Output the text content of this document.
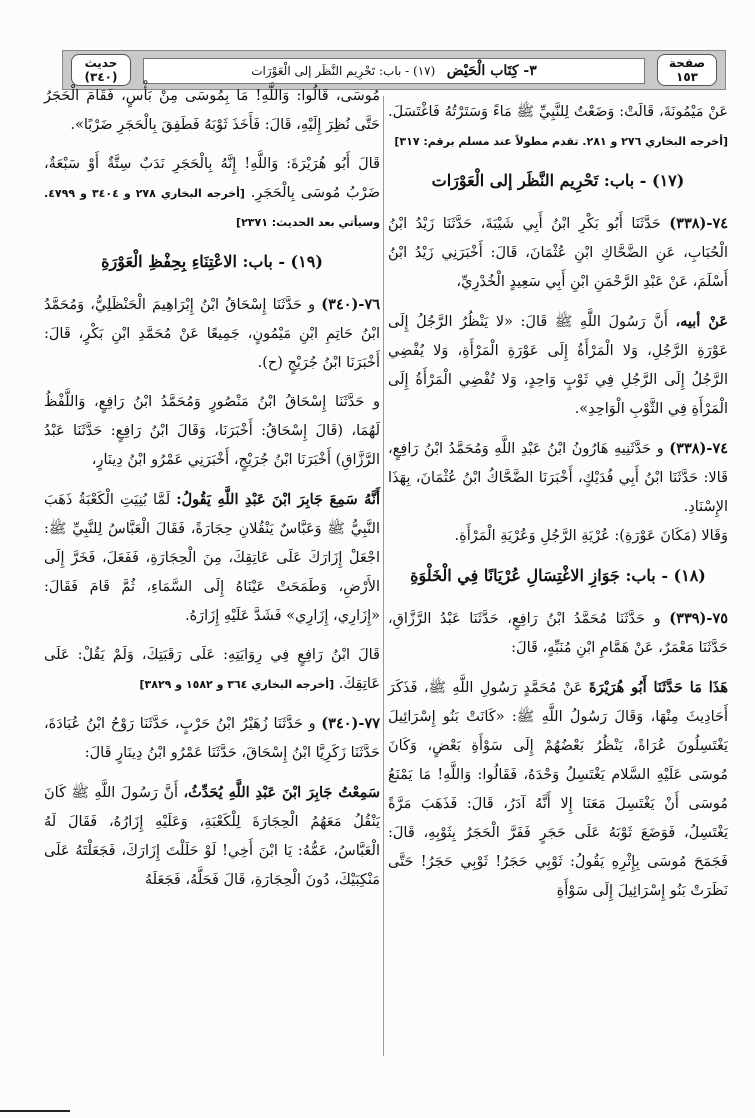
حديث
(٣٤٠)	٣- كِتَاب الْحَيْض   (١٧) - باب: تَحْرِيم النَّظَر إلى الْعَوْرَات
صفحة
١٥٣

عَنْ مَيْمُونَةَ، قَالَتْ: وَضَعْتُ لِلنَّبِيِّ ﷺ مَاءً وَسَتَرْتُهُ فَاغْتَسَلَ. [أخرجه البخاري ٢٧٦ و ٢٨١. تقدم مطولاً عند مسلم برقم: ٣١٧]

(١٧) - باب: تَحْرِيم النَّظَر إلى الْعَوْرَات

٧٤-(٣٣٨) حَدَّثَنَا أَبُو بَكْرِ ابْنُ أَبِي شَيْبَةَ، حَدَّثَنَا زَيْدُ ابْنُ الْحُبَابِ، عَنِ الضَّحَّاكِ ابْنِ عُثْمَانَ، قَالَ: أَخْبَرَنِي زَيْدُ ابْنُ أَسْلَمَ، عَنْ عَبْدِ الرَّحْمَنِ ابْنِ أَبِي سَعِيدٍ الْخُدْرِيِّ،

عَنْ أبيه، أَنَّ رَسُولَ اللَّهِ ﷺ قَالَ: «لا يَنْظُرُ الرَّجُلُ إِلَى عَوْرَةِ الرَّجُلِ، وَلا الْمَرْأَةُ إِلَى عَوْرَةِ الْمَرْأَةِ، وَلا يُفْضِي الرَّجُلُ إِلَى الرَّجُلِ فِي ثَوْبٍ وَاحِدٍ، وَلا تُفْضِي الْمَرْأَةُ إِلَى الْمَرْأَةِ فِي الثَّوْبِ الْوَاحِدِ».

٧٤-(٣٣٨) و حَدَّثَنِيهِ هَارُونُ ابْنُ عَبْدِ اللَّهِ وَمُحَمَّدُ ابْنُ رَافِعٍ، قَالا: حَدَّثَنَا ابْنُ أَبِي فُدَيْكٍ، أَخْبَرَنَا الضَّحَّاكُ ابْنُ عُثْمَانَ، بِهَذَا الإِسْنَادِ.

وَقَالا (مَكَانَ عَوْرَةِ): عُرْيَةِ الرَّجُلِ وَعُرْيَةِ الْمَرْأَةِ.

(١٨) - باب: جَوَازِ الاغْتِسَالِ عُرْيَانًا فِي الْخَلْوَةِ

٧٥-(٣٣٩) و حَدَّثَنَا مُحَمَّدُ ابْنُ رَافِعٍ، حَدَّثَنَا عَبْدُ الرَّزَّاقِ، حَدَّثَنَا مَعْمَرٌ، عَنْ هَمَّامِ ابْنِ مُنَبِّهٍ، قَالَ:

هَذَا مَا حَدَّثَنَا أَبُو هُرَيْرَةَ عَنْ مُحَمَّدٍ رَسُولِ اللَّهِ ﷺ، فَذَكَرَ أَحَادِيثَ مِنْهَا، وَقَالَ رَسُولُ اللَّهِ ﷺ: «كَانَتْ بَنُو إِسْرَائِيلَ يَغْتَسِلُونَ عُرَاةً، يَنْظُرُ بَعْضُهُمْ إِلَى سَوْأَةِ بَعْضٍ، وَكَانَ مُوسَى عَلَيْهِ السَّلام يَغْتَسِلُ وَحْدَهُ، فَقَالُوا: وَاللَّهِ! مَا يَمْنَعُ مُوسَى أَنْ يَغْتَسِلَ مَعَنَا إِلا أَنَّهُ آدَرُ، قَالَ: فَذَهَبَ مَرَّةً يَغْتَسِلُ، فَوَضَعَ ثَوْبَهُ عَلَى حَجَرٍ فَفَرَّ الْحَجَرُ بِثَوْبِهِ، قَالَ: فَجَمَحَ مُوسَى بِإِثْرِهِ يَقُولُ: ثَوْبِي حَجَرُ! ثَوْبِي حَجَرُ! حَتَّى نَظَرَتْ بَنُو إِسْرَائِيلَ إِلَى سَوْأَةِ

مُوسَى، قَالُوا: وَاللَّهِ! مَا بِمُوسَى مِنْ بَأْسٍ، فَقَامَ الْحَجَرُ حَتَّى نُظِرَ إِلَيْهِ، قَالَ: فَأَخَذَ ثَوْبَهُ فَطَفِقَ بِالْحَجَرِ ضَرْبًا».

قَالَ أَبُو هُرَيْرَةَ: وَاللَّهِ! إِنَّهُ بِالْحَجَرِ نَدَبٌ سِتَّةٌ أَوْ سَبْعَةٌ، ضَرْبُ مُوسَى بِالْحَجَرِ. [أخرجه البخاري ٢٧٨ و ٣٤٠٤ و ٤٧٩٩. وسيأتي بعد الحديث: ٢٣٧١]

(١٩) - باب: الاعْتِنَاءِ بِحِفْظِ الْعَوْرَةِ

٧٦-(٣٤٠) و حَدَّثَنَا إِسْحَاقُ ابْنُ إِبْرَاهِيمَ الْحَنْظَلِيُّ، وَمُحَمَّدُ ابْنُ حَاتِمِ ابْنِ مَيْمُونٍ، جَمِيعًا عَنْ مُحَمَّدِ ابْنِ بَكْرٍ، قَالَ: أَخْبَرَنَا ابْنُ جُرَيْجٍ (ح).

و حَدَّثَنَا إِسْحَاقُ ابْنُ مَنْصُورٍ وَمُحَمَّدُ ابْنُ رَافِعٍ، وَاللَّفْظُ لَهُمَا، (قَالَ إِسْحَاقُ: أَخْبَرَنَا، وَقَالَ ابْنُ رَافِعٍ: حَدَّثَنَا عَبْدُ الرَّزَّاقِ) أَخْبَرَنَا ابْنُ جُرَيْجٍ، أَخْبَرَنِي عَمْرُو ابْنُ دِينَارٍ،

أَنَّهُ سَمِعَ جَابِرَ ابْنَ عَبْدِ اللَّهِ يَقُولُ: لَمَّا بُنِيَتِ الْكَعْبَةُ ذَهَبَ النَّبِيُّ ﷺ وَعَبَّاسٌ يَنْقُلانِ حِجَارَةً، فَقَالَ الْعَبَّاسُ لِلنَّبِيِّ ﷺ: اجْعَلْ إِزَارَكَ عَلَى عَاتِقِكَ، مِنَ الْحِجَارَةِ، فَفَعَلَ، فَخَرَّ إِلَى الأَرْضِ، وَطَمَحَتْ عَيْنَاهُ إِلَى السَّمَاءِ، ثُمَّ قَامَ فَقَالَ: «إِزَارِي، إِزَارِي» فَشَدَّ عَلَيْهِ إِزَارَهُ.

قَالَ ابْنُ رَافِعٍ فِي رِوَايَتِهِ: عَلَى رَقَبَتِكَ، وَلَمْ يَقُلْ: عَلَى عَاتِقِكَ. [أخرجه البخاري ٣٦٤ و ١٥٨٢ و ٣٨٢٩]

٧٧-(٣٤٠) و حَدَّثَنَا زُهَيْرُ ابْنُ حَرْبٍ، حَدَّثَنَا رَوْحُ ابْنُ عُبَادَةَ، حَدَّثَنَا زَكَرِيَّا ابْنُ إِسْحَاقَ، حَدَّثَنَا عَمْرُو ابْنُ دِينَارٍ قَالَ:

سَمِعْتُ جَابِرَ ابْنَ عَبْدِ اللَّهِ يُحَدِّثُ، أَنَّ رَسُولَ اللَّهِ ﷺ كَانَ يَنْقُلُ مَعَهُمُ الْحِجَارَةَ لِلْكَعْبَةِ، وَعَلَيْهِ إِزَارُهُ، فَقَالَ لَهُ الْعَبَّاسُ، عَمُّهُ: يَا ابْنَ أَخِي! لَوْ حَلَلْتَ إِزَارَكَ، فَجَعَلْتَهُ عَلَى مَنْكِبَيْكَ، دُونَ الْحِجَارَةِ، قَالَ فَحَلَّهُ، فَجَعَلَهُ
